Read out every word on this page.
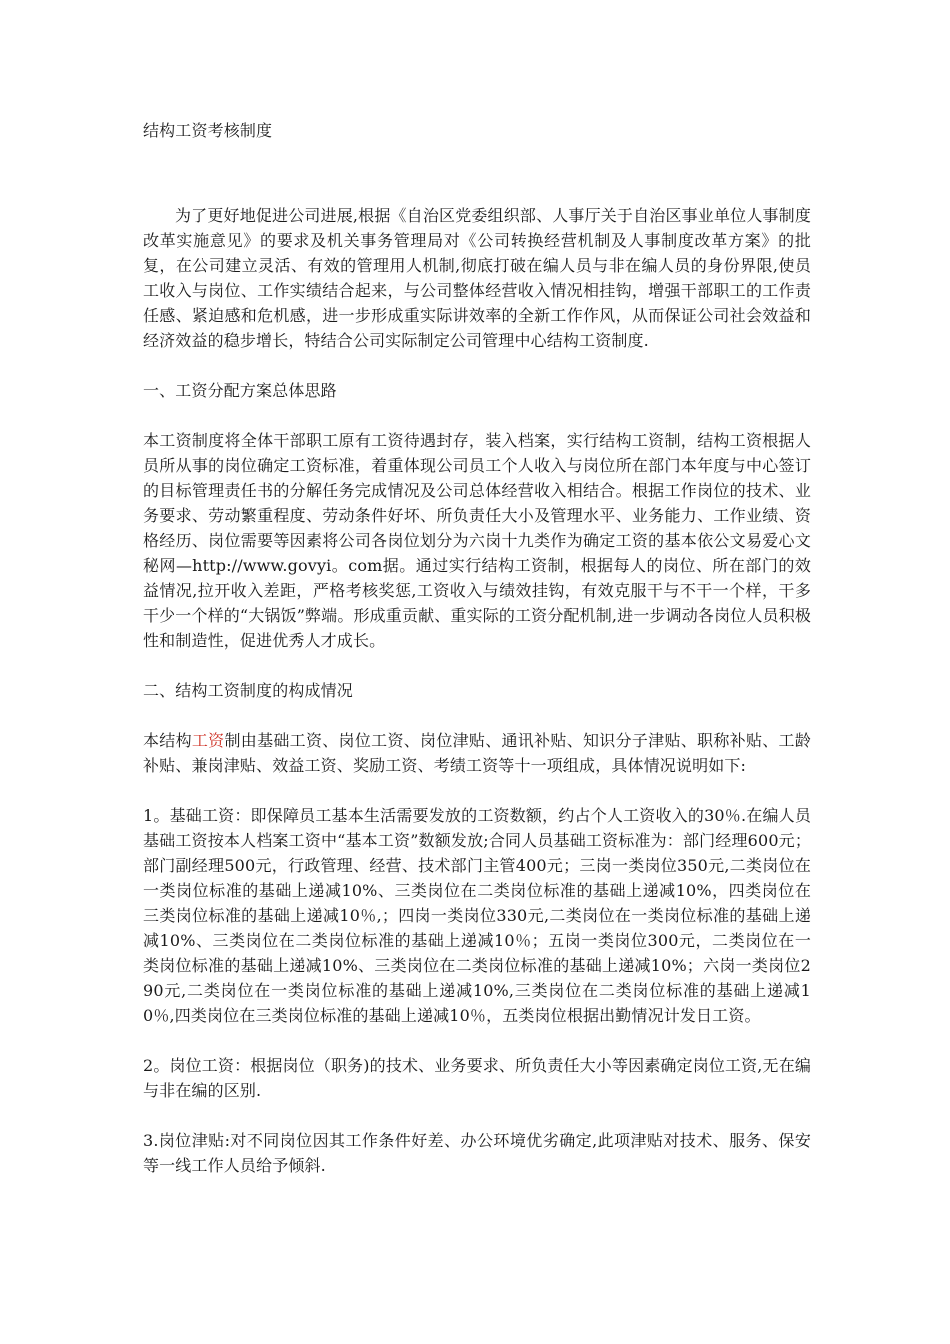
结构工资考核制度

为了更好地促进公司进展,根据《自治区党委组织部、人事厅关于自治区事业单位人事制度改革实施意见》的要求及机关事务管理局对《公司转换经营机制及人事制度改革方案》的批复，在公司建立灵活、有效的管理用人机制,彻底打破在编人员与非在编人员的身份界限,使员工收入与岗位、工作实绩结合起来，与公司整体经营收入情况相挂钩，增强干部职工的工作责任感、紧迫感和危机感，进一步形成重实际讲效率的全新工作作风，从而保证公司社会效益和经济效益的稳步增长，特结合公司实际制定公司管理中心结构工资制度.

一、工资分配方案总体思路

本工资制度将全体干部职工原有工资待遇封存，装入档案，实行结构工资制，结构工资根据人员所从事的岗位确定工资标准，着重体现公司员工个人收入与岗位所在部门本年度与中心签订的目标管理责任书的分解任务完成情况及公司总体经营收入相结合。根据工作岗位的技术、业务要求、劳动繁重程度、劳动条件好坏、所负责任大小及管理水平、业务能力、工作业绩、资格经历、岗位需要等因素将公司各岗位划分为六岗十九类作为确定工资的基本依公文易爱心文秘网—http://www.govyi。com据。通过实行结构工资制，根据每人的岗位、所在部门的效益情况,拉开收入差距，严格考核奖惩,工资收入与绩效挂钩，有效克服干与不干一个样，干多干少一个样的“大锅饭”弊端。形成重贡献、重实际的工资分配机制,进一步调动各岗位人员积极性和制造性，促进优秀人才成长。

二、结构工资制度的构成情况

本结构工资制由基础工资、岗位工资、岗位津贴、通讯补贴、知识分子津贴、职称补贴、工龄补贴、兼岗津贴、效益工资、奖励工资、考绩工资等十一项组成，具体情况说明如下:

1。基础工资：即保障员工基本生活需要发放的工资数额，约占个人工资收入的30％.在编人员基础工资按本人档案工资中“基本工资”数额发放;合同人员基础工资标准为：部门经理600元；部门副经理500元，行政管理、经营、技术部门主管400元；三岗一类岗位350元,二类岗位在一类岗位标准的基础上递减10%、三类岗位在二类岗位标准的基础上递减10%，四类岗位在三类岗位标准的基础上递减10％,；四岗一类岗位330元,二类岗位在一类岗位标准的基础上递减10%、三类岗位在二类岗位标准的基础上递减10％；五岗一类岗位300元，二类岗位在一类岗位标准的基础上递减10%、三类岗位在二类岗位标准的基础上递减10%；六岗一类岗位290元,二类岗位在一类岗位标准的基础上递减10%,三类岗位在二类岗位标准的基础上递减10％,四类岗位在三类岗位标准的基础上递减10％，五类岗位根据出勤情况计发日工资。

2。岗位工资：根据岗位（职务)的技术、业务要求、所负责任大小等因素确定岗位工资,无在编与非在编的区别.

3.岗位津贴:对不同岗位因其工作条件好差、办公环境优劣确定,此项津贴对技术、服务、保安等一线工作人员给予倾斜.
